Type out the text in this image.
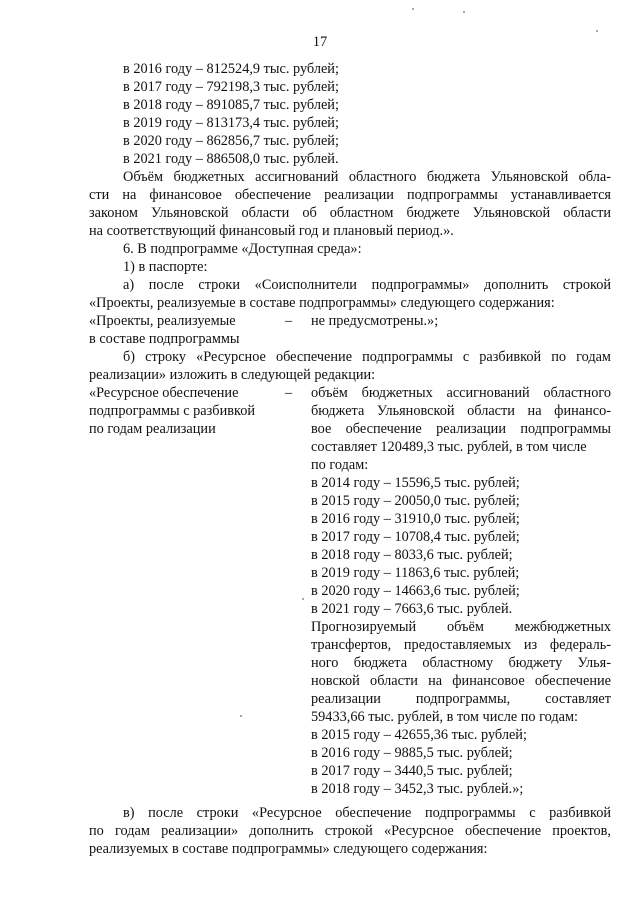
17
в 2016 году – 812524,9 тыс. рублей;
в 2017 году – 792198,3 тыс. рублей;
в 2018 году – 891085,7 тыс. рублей;
в 2019 году – 813173,4 тыс. рублей;
в 2020 году – 862856,7 тыс. рублей;
в 2021 году – 886508,0 тыс. рублей.
Объём бюджетных ассигнований областного бюджета Ульяновской обла-
сти на финансовое обеспечение реализации подпрограммы устанавливается
законом Ульяновской области об областном бюджете Ульяновской области
на соответствующий финансовый год и плановый период.».
6. В подпрограмме «Доступная среда»:
1) в паспорте:
а) после строки «Соисполнители подпрограммы» дополнить строкой
«Проекты, реализуемые в составе подпрограммы» следующего содержания:
«Проекты, реализуемые	– не предусмотрены.»;
в составе подпрограммы
б) строку «Ресурсное обеспечение подпрограммы с разбивкой по годам
реализации» изложить в следующей редакции:
«Ресурсное обеспечение
подпрограммы с разбивкой
по годам реализации
– объём бюджетных ассигнований областного
бюджета Ульяновской области на финансо-
вое обеспечение реализации подпрограммы
составляет 120489,3 тыс. рублей, в том числе
по годам:
в 2014 году – 15596,5 тыс. рублей;
в 2015 году – 20050,0 тыс. рублей;
в 2016 году – 31910,0 тыс. рублей;
в 2017 году – 10708,4 тыс. рублей;
в 2018 году – 8033,6 тыс. рублей;
в 2019 году – 11863,6 тыс. рублей;
в 2020 году – 14663,6 тыс. рублей;
в 2021 году – 7663,6 тыс. рублей.
Прогнозируемый объём межбюджетных
трансфертов, предоставляемых из федераль-
ного бюджета областному бюджету Улья-
новской области на финансовое обеспечение
реализации подпрограммы, составляет
59433,66 тыс. рублей, в том числе по годам:
в 2015 году – 42655,36 тыс. рублей;
в 2016 году – 9885,5 тыс. рублей;
в 2017 году – 3440,5 тыс. рублей;
в 2018 году – 3452,3 тыс. рублей.»;
в) после строки «Ресурсное обеспечение подпрограммы с разбивкой
по годам реализации» дополнить строкой «Ресурсное обеспечение проектов,
реализуемых в составе подпрограммы» следующего содержания:
